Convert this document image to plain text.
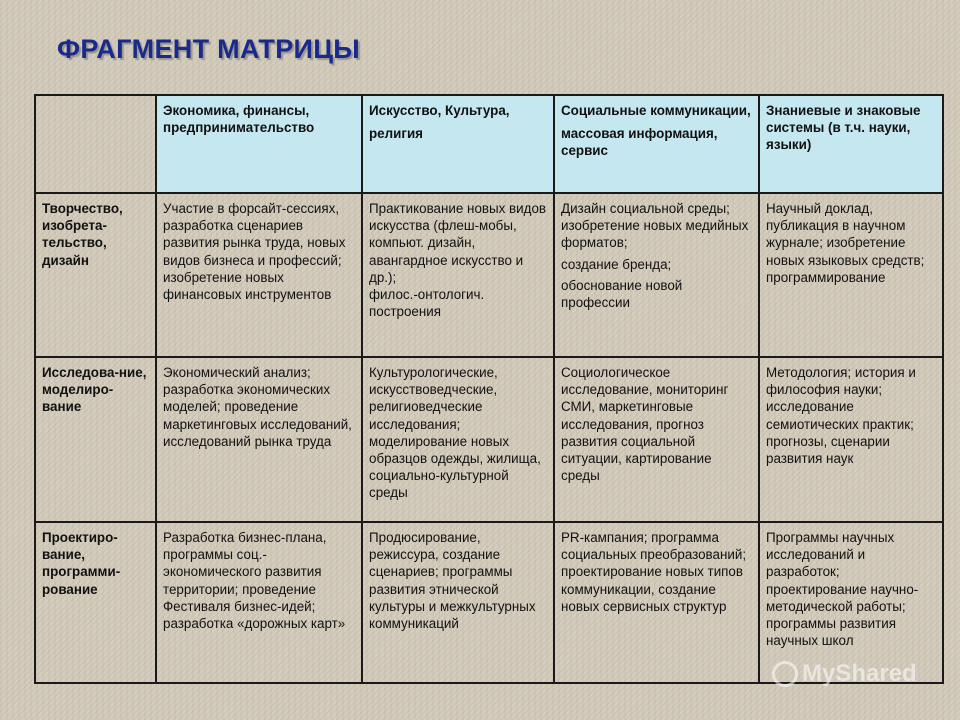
ФРАГМЕНТ МАТРИЦЫ

	Экономика, финансы, предпринимательство	Искусство, Культура,
религия	Социальные коммуникации,
массовая информация, сервис	Знаниевые и знаковые системы (в т.ч. науки, языки)

Творчество, изобрета-тельство, дизайн	Участие в форсайт-сессиях, разработка сценариев развития рынка труда, новых видов бизнеса и профессий; изобретение новых финансовых инструментов	Практикование новых видов искусства (флеш-мобы, компьют. дизайн, авангардное искусство и др.);
филос.-онтологич. построения	Дизайн социальной среды; изобретение новых медийных форматов;
создание бренда;
обоснование новой профессии	Научный доклад, публикация в научном журнале; изобретение новых языковых средств; программирование

Исследова-ние, моделиро-вание	Экономический анализ; разработка экономических моделей; проведение маркетинговых исследований, исследований рынка труда	Культурологические, искусствоведческие, религиоведческие исследования; моделирование новых образцов одежды, жилища, социально-культурной среды	Социологическое исследование, мониторинг СМИ, маркетинговые исследования, прогноз развития социальной ситуации, картирование среды	Методология; история и философия науки; исследование семиотических практик; прогнозы, сценарии развития наук

Проектиро-вание, программи-рование	Разработка бизнес-плана, программы соц.-экономического развития территории; проведение Фестиваля бизнес-идей; разработка «дорожных карт»	Продюсирование, режиссура, создание сценариев; программы развития этнической культуры и межкультурных коммуникаций	PR-кампания; программа социальных преобразований; проектирование новых типов коммуникации, создание новых сервисных структур	Программы научных исследований и разработок; проектирование научно-методической работы; программы развития научных школ
MyShared
